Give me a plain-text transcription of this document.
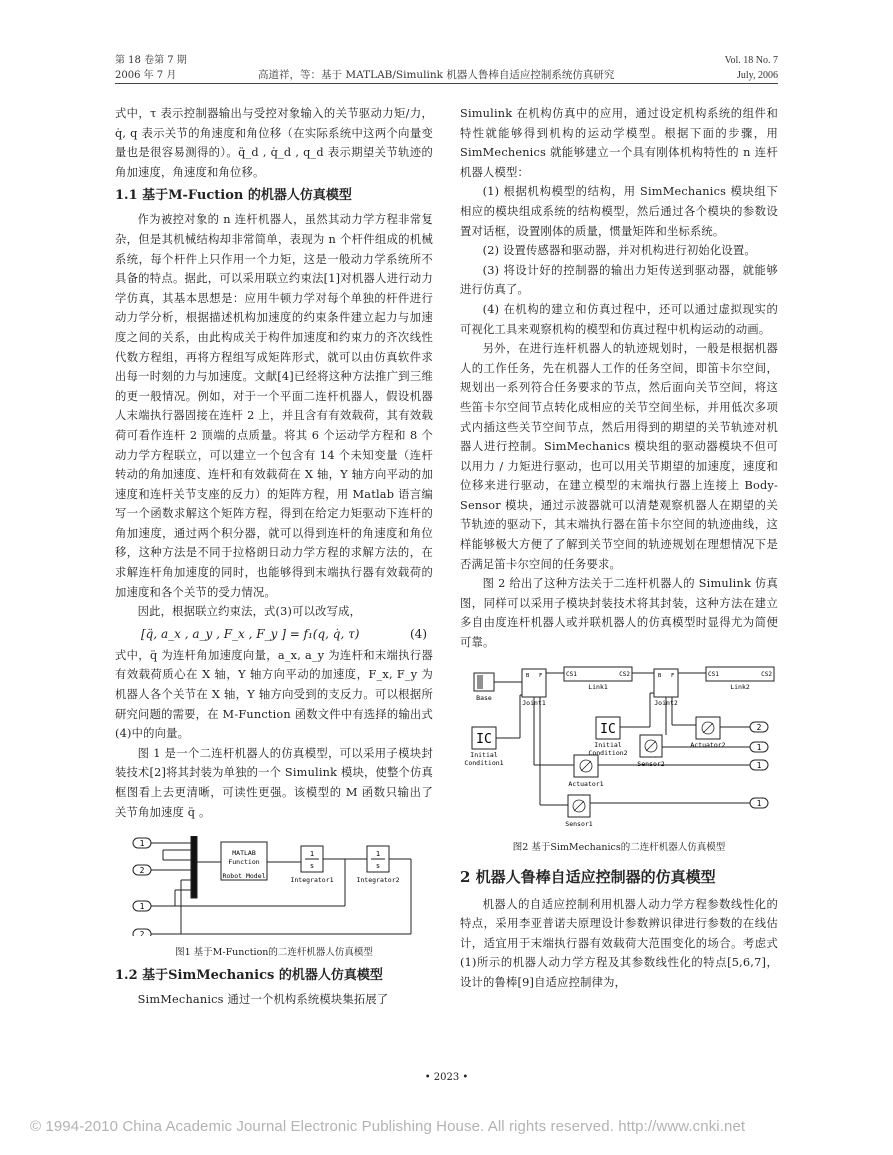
第 18 卷第 7 期
2006 年 7 月	高道祥，等：基于 MATLAB/Simulink 机器人鲁棒自适应控制系统仿真研究
Vol. 18 No. 7
July, 2006

式中，τ 表示控制器输出与受控对象输入的关节驱动力矩/力，q̇, q 表示关节的角速度和角位移（在实际系统中这两个向量变量也是很容易测得的）。q̈_d , q̇_d , q_d 表示期望关节轨迹的角加速度，角速度和角位移。

1.1 基于M-Fuction 的机器人仿真模型

作为被控对象的 n 连杆机器人，虽然其动力学方程非常复杂，但是其机械结构却非常简单，表现为 n 个杆件组成的机械系统，每个杆件上只作用一个力矩，这是一般动力学系统所不具备的特点。据此，可以采用联立约束法[1]对机器人进行动力学仿真，其基本思想是：应用牛顿力学对每个单独的杆件进行动力学分析，根据描述机构加速度的约束条件建立起力与加速度之间的关系，由此构成关于构件加速度和约束力的齐次线性代数方程组，再将方程组写成矩阵形式，就可以由仿真软件求出每一时刻的力与加速度。文献[4]已经将这种方法推广到三维的更一般情况。例如，对于一个平面二连杆机器人，假设机器人末端执行器固接在连杆 2 上，并且含有有效载荷，其有效载荷可看作连杆 2 顶端的点质量。将其 6 个运动学方程和 8 个动力学方程联立，可以建立一个包含有 14 个未知变量（连杆转动的角加速度、连杆和有效载荷在 X 轴，Y 轴方向平动的加速度和连杆关节支座的反力）的矩阵方程，用 Matlab 语言编写一个函数求解这个矩阵方程，得到在给定力矩驱动下连杆的角加速度，通过两个积分器，就可以得到连杆的角速度和角位移，这种方法是不同于拉格朗日动力学方程的求解方法的，在求解连杆角加速度的同时，也能够得到末端执行器有效载荷的加速度和各个关节的受力情况。

因此，根据联立约束法，式(3)可以改写成，

[q̈, a_x , a_y , F_x , F_y ] = f₁(q, q̇, τ)	(4)

式中，q̈ 为连杆角加速度向量，a_x, a_y 为连杆和末端执行器有效载荷质心在 X 轴，Y 轴方向平动的加速度，F_x, F_y 为机器人各个关节在 X 轴，Y 轴方向受到的支反力。可以根据所研究问题的需要，在 M-Function 函数文件中有选择的输出式(4)中的向量。

图 1 是一个二连杆机器人的仿真模型，可以采用子模块封装技术[2]将其封装为单独的一个 Simulink 模块，使整个仿真框图看上去更清晰，可读性更强。该模型的 M 函数只输出了关节角加速度 q̈ 。

1
2
1
2
MATLAB
Function
Robot Model
1
s
1
s
Integrator1	Integrator2
图1 基于M-Function的二连杆机器人仿真模型
1.2 基于SimMechanics 的机器人仿真模型

SimMechanics 通过一个机构系统模块集拓展了

Simulink 在机构仿真中的应用，通过设定机构系统的组件和特性就能够得到机构的运动学模型。根据下面的步骤，用 SimMechenics 就能够建立一个具有刚体机构特性的 n 连杆机器人模型：

(1) 根据机构模型的结构，用 SimMechanics 模块组下相应的模块组成系统的结构模型，然后通过各个模块的参数设置对话框，设置刚体的质量，惯量矩阵和坐标系统。

(2) 设置传感器和驱动器，并对机构进行初始化设置。

(3) 将设计好的控制器的输出力矩传送到驱动器，就能够进行仿真了。

(4) 在机构的建立和仿真过程中，还可以通过虚拟现实的可视化工具来观察机构的模型和仿真过程中机构运动的动画。

另外，在进行连杆机器人的轨迹规划时，一般是根据机器人的工作任务，先在机器人工作的任务空间，即笛卡尔空间，规划出一系列符合任务要求的节点，然后面向关节空间，将这些笛卡尔空间节点转化成相应的关节空间坐标，并用低次多项式内插这些关节空间节点，然后用得到的期望的关节轨迹对机器人进行控制。SimMechanics 模块组的驱动器模块不但可以用力 / 力矩进行驱动，也可以用关节期望的加速度，速度和位移来进行驱动，在建立模型的末端执行器上连接上 Body-Sensor 模块，通过示波器就可以清楚观察机器人在期望的关节轨迹的驱动下，其末端执行器在笛卡尔空间的轨迹曲线，这样能够极大方便了了解到关节空间的轨迹规划在理想情况下是否满足笛卡尔空间的任务要求。

图 2 给出了这种方法关于二连杆机器人的 Simulink 仿真图，同样可以采用子模块封装技术将其封装，这种方法在建立多自由度连杆机器人或并联机器人的仿真模型时显得尤为简便可靠。

Base
B F
Joint1
CS1	CS2
Link1
B F
Joint2
CS1	CS2
Link2
IC
Initial
Condition1
IC
Initial
Condition2
Sensor2
Actuator2
Actuator1
Sensor1
2
1
1
1
图2 基于SimMechanics的二连杆机器人仿真模型
2 机器人鲁棒自适应控制器的仿真模型

机器人的自适应控制利用机器人动力学方程参数线性化的特点，采用李亚普诺夫原理设计参数辨识律进行参数的在线估计，适宜用于末端执行器有效载荷大范围变化的场合。考虑式(1)所示的机器人动力学方程及其参数线性化的特点[5,6,7]，设计的鲁棒[9]自适应控制律为，

• 2023 •
© 1994-2010 China Academic Journal Electronic Publishing House. All rights reserved. http://www.cnki.net
